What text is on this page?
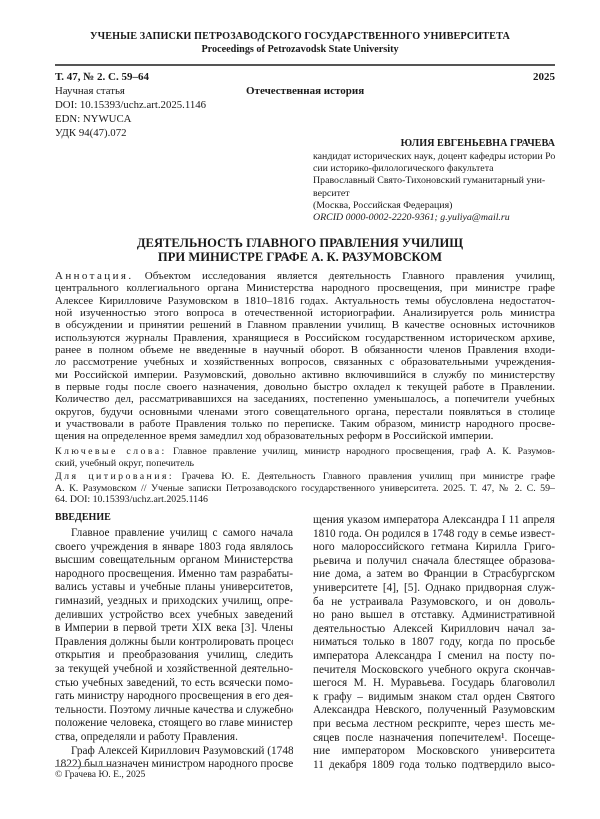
УЧЕНЫЕ ЗАПИСКИ ПЕТРОЗАВОДСКОГО ГОСУДАРСТВЕННОГО УНИВЕРСИТЕТА
Proceedings of Petrozavodsk State University
Т. 47, № 2. С. 59–64	2025
Отечественная история
Научная статья
DOI: 10.15393/uchz.art.2025.1146
EDN: NYWUCA
УДК 94(47).072
ЮЛИЯ ЕВГЕНЬЕВНА ГРАЧЕВА
кандидат исторических наук, доцент кафедры истории Рос-
сии историко-филологического факультета
Православный Свято-Тихоновский гуманитарный уни-
верситет
(Москва, Российская Федерация)
ORCID 0000-0002-2220-9361; g.yuliya@mail.ru
ДЕЯТЕЛЬНОСТЬ ГЛАВНОГО ПРАВЛЕНИЯ УЧИЛИЩ
ПРИ МИНИСТРЕ ГРАФЕ А. К. РАЗУМОВСКОМ
Аннотация. Объектом исследования является деятельность Главного правления училищ,
центрального коллегиального органа Министерства народного просвещения, при министре графе
Алексее Кирилловиче Разумовском в 1810–1816 годах. Актуальность темы обусловлена недостаточ-
ной изученностью этого вопроса в отечественной историографии. Анализируется роль министра
в обсуждении и принятии решений в Главном правлении училищ. В качестве основных источников
используются журналы Правления, хранящиеся в Российском государственном историческом архиве,
ранее в полном объеме не введенные в научный оборот. В обязанности членов Правления входи-
ло рассмотрение учебных и хозяйственных вопросов, связанных с образовательными учреждения-
ми Российской империи. Разумовский, довольно активно включившийся в службу по министерству
в первые годы после своего назначения, довольно быстро охладел к текущей работе в Правлении.
Количество дел, рассматривавшихся на заседаниях, постепенно уменьшалось, а попечители учебных
округов, будучи основными членами этого совещательного органа, перестали появляться в столице
и участвовали в работе Правления только по переписке. Таким образом, министр народного просве-
щения на определенное время замедлил ход образовательных реформ в Российской империи.
Ключевые слова: Главное правление училищ, министр народного просвещения, граф А. К. Разумов-
ский, учебный округ, попечитель
Для цитирования: Грачева Ю. Е. Деятельность Главного правления училищ при министре графе
А. К. Разумовском // Ученые записки Петрозаводского государственного университета. 2025. Т. 47, № 2. С. 59–
64. DOI: 10.15393/uchz.art.2025.1146
ВВЕДЕНИЕ
Главное правление училищ с самого начала
своего учреждения в январе 1803 года являлось
высшим совещательным органом Министерства
народного просвещения. Именно там разрабаты-
вались уставы и учебные планы университетов,
гимназий, уездных и приходских училищ, опре-
деливших устройство всех учебных заведений
в Империи в первой трети XIX века [3]. Члены
Правления должны были контролировать процесс
открытия и преобразования училищ, следить
за текущей учебной и хозяйственной деятельно-
стью учебных заведений, то есть всячески помо-
гать министру народного просвещения в его дея-
тельности. Поэтому личные качества и служебное
положение человека, стоящего во главе министер-
ства, определяли и работу Правления.
Граф Алексей Кириллович Разумовский (1748–
1822) был назначен министром народного просве-
щения указом императора Александра I 11 апреля
1810 года. Он родился в 1748 году в семье извест-
ного малороссийского гетмана Кирилла Григо-
рьевича и получил сначала блестящее образова-
ние дома, а затем во Франции в Страсбургском
университете [4], [5]. Однако придворная служ-
ба не устраивала Разумовского, и он доволь-
но рано вышел в отставку. Административной
деятельностью Алексей Кириллович начал за-
ниматься только в 1807 году, когда по просьбе
императора Александра I сменил на посту по-
печителя Московского учебного округа скончав-
шегося М. Н. Муравьева. Государь благоволил
к графу – видимым знаком стал орден Святого
Александра Невского, полученный Разумовским
при весьма лестном рескрипте, через шесть ме-
сяцев после назначения попечителем¹. Посеще-
ние императором Московского университета
11 декабря 1809 года только подтвердило высо-
© Грачева Ю. Е., 2025
